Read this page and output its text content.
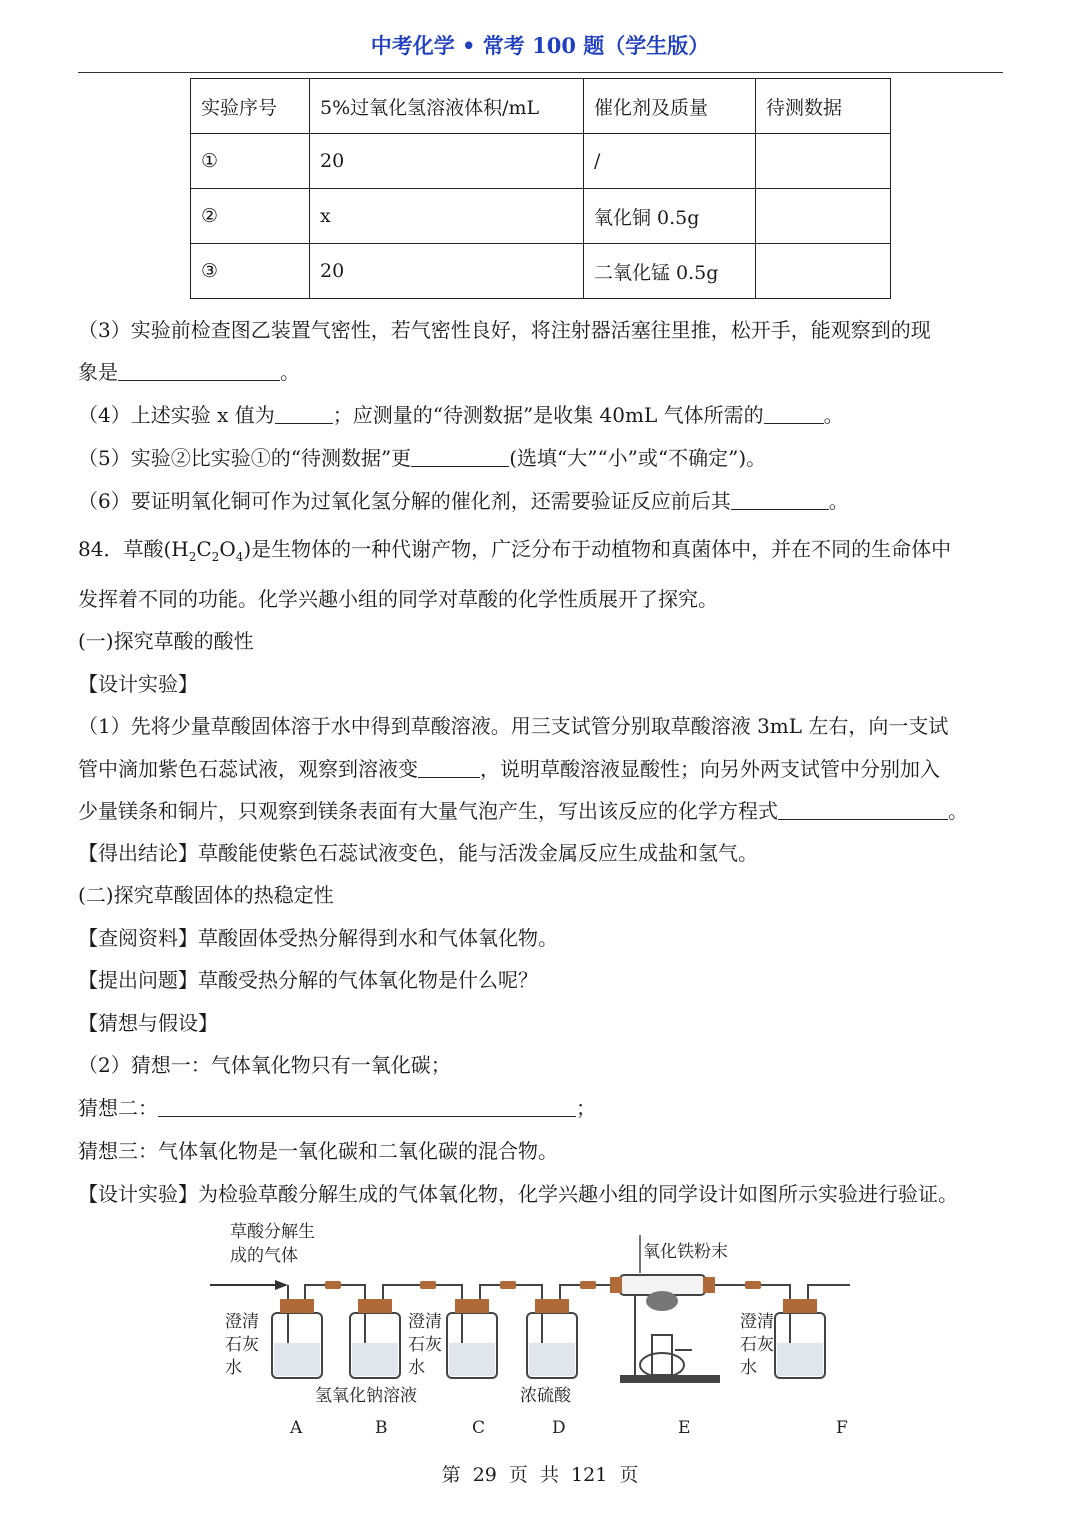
中考化学 • 常考 100 题（学生版）
实验序号	5%过氧化氢溶液体积/mL	催化剂及质量	待测数据
①	20	/	
②	x	氧化铜 0.5g	
③	20	二氧化锰 0.5g	
（3）实验前检查图乙装置气密性，若气密性良好，将注射器活塞往里推，松开手，能观察到的现
象是	。
（4）上述实验 x 值为	；应测量的“待测数据”是收集 40mL 气体所需的	。
（5）实验②比实验①的“待测数据”更	(选填“大”“小”或“不确定”)。
（6）要证明氧化铜可作为过氧化氢分解的催化剂，还需要验证反应前后其	。
84．草酸$(H_2C_2O_4)$是生物体的一种代谢产物，广泛分布于动植物和真菌体中，并在不同的生命体中
发挥着不同的功能。化学兴趣小组的同学对草酸的化学性质展开了探究。
(一)探究草酸的酸性
【设计实验】
（1）先将少量草酸固体溶于水中得到草酸溶液。用三支试管分别取草酸溶液 3mL 左右，向一支试
管中滴加紫色石蕊试液，观察到溶液变	，说明草酸溶液显酸性；向另外两支试管中分别加入
少量镁条和铜片，只观察到镁条表面有大量气泡产生，写出该反应的化学方程式	。
【得出结论】草酸能使紫色石蕊试液变色，能与活泼金属反应生成盐和氢气。
(二)探究草酸固体的热稳定性
【查阅资料】草酸固体受热分解得到水和气体氧化物。
【提出问题】草酸受热分解的气体氧化物是什么呢？
【猜想与假设】
（2）猜想一：气体氧化物只有一氧化碳；
猜想二：	；
猜想三：气体氧化物是一氧化碳和二氧化碳的混合物。
【设计实验】为检验草酸分解生成的气体氧化物，化学兴趣小组的同学设计如图所示实验进行验证。
草酸分解生
成的气体
澄清
石灰
水
澄清
石灰
水
澄清
石灰
水
氢氧化钠溶液	浓硫酸
氧化铁粉末
A	B	C	D	E	F
第 29 页 共 121 页
